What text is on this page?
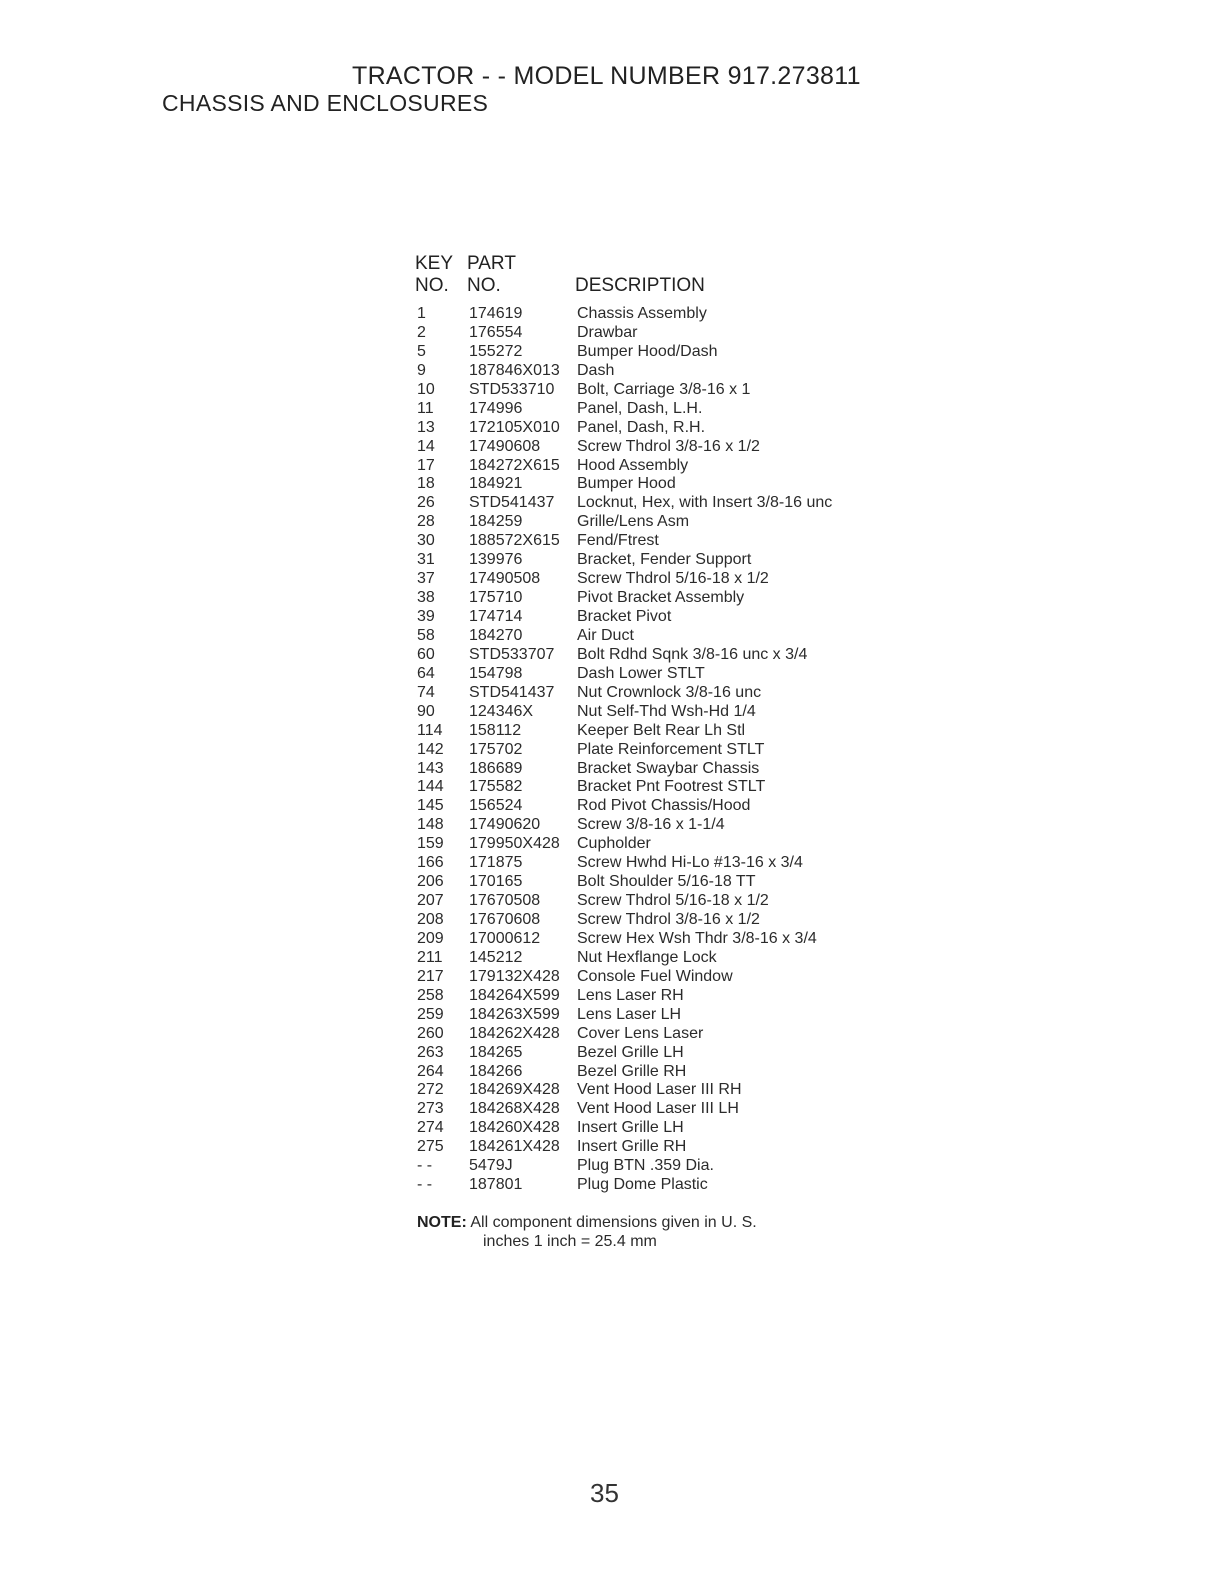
TRACTOR - - MODEL NUMBER 917.273811
CHASSIS AND ENCLOSURES
KEY
NO.
PART
NO.	DESCRIPTION
1	174619	Chassis Assembly
2	176554	Drawbar
5	155272	Bumper Hood/Dash
9	187846X013 Dash
10 STD533710 Bolt, Carriage 3/8-16 x 1
11 174996	Panel, Dash, L.H.
13 172105X010 Panel, Dash, R.H.
14 17490608 Screw Thdrol 3/8-16 x 1/2
17 184272X615 Hood Assembly
18 184921	Bumper Hood
26 STD541437 Locknut, Hex, with Insert 3/8-16 unc
28 184259	Grille/Lens Asm
30 188572X615 Fend/Ftrest
31 139976	Bracket, Fender Support
37 17490508 Screw Thdrol 5/16-18 x 1/2
38 175710	Pivot Bracket Assembly
39 174714	Bracket Pivot
58 184270	Air Duct
60 STD533707 Bolt Rdhd Sqnk 3/8-16 unc x 3/4
64 154798	Dash Lower STLT
74 STD541437 Nut Crownlock 3/8-16 unc
90 124346X	Nut Self-Thd Wsh-Hd 1/4
114 158112	Keeper Belt Rear Lh Stl
142 175702	Plate Reinforcement STLT
143 186689	Bracket Swaybar Chassis
144 175582	Bracket Pnt Footrest STLT
145 156524	Rod Pivot Chassis/Hood
148 17490620 Screw 3/8-16 x 1-1/4
159 179950X428 Cupholder
166 171875	Screw Hwhd Hi-Lo #13-16 x 3/4
206 170165	Bolt Shoulder 5/16-18 TT
207 17670508 Screw Thdrol 5/16-18 x 1/2
208 17670608 Screw Thdrol 3/8-16 x 1/2
209 17000612 Screw Hex Wsh Thdr 3/8-16 x 3/4
211 145212	Nut Hexflange Lock
217 179132X428 Console Fuel Window
258 184264X599 Lens Laser RH
259 184263X599 Lens Laser LH
260 184262X428 Cover Lens Laser
263 184265	Bezel Grille LH
264 184266	Bezel Grille RH
272 184269X428 Vent Hood Laser III RH
273 184268X428 Vent Hood Laser III LH
274 184260X428 Insert Grille LH
275 184261X428 Insert Grille RH
- - 5479J	Plug BTN .359 Dia.
- - 187801	Plug Dome Plastic
NOTE: All component dimensions given in U. S.
inches 1 inch = 25.4 mm
35
